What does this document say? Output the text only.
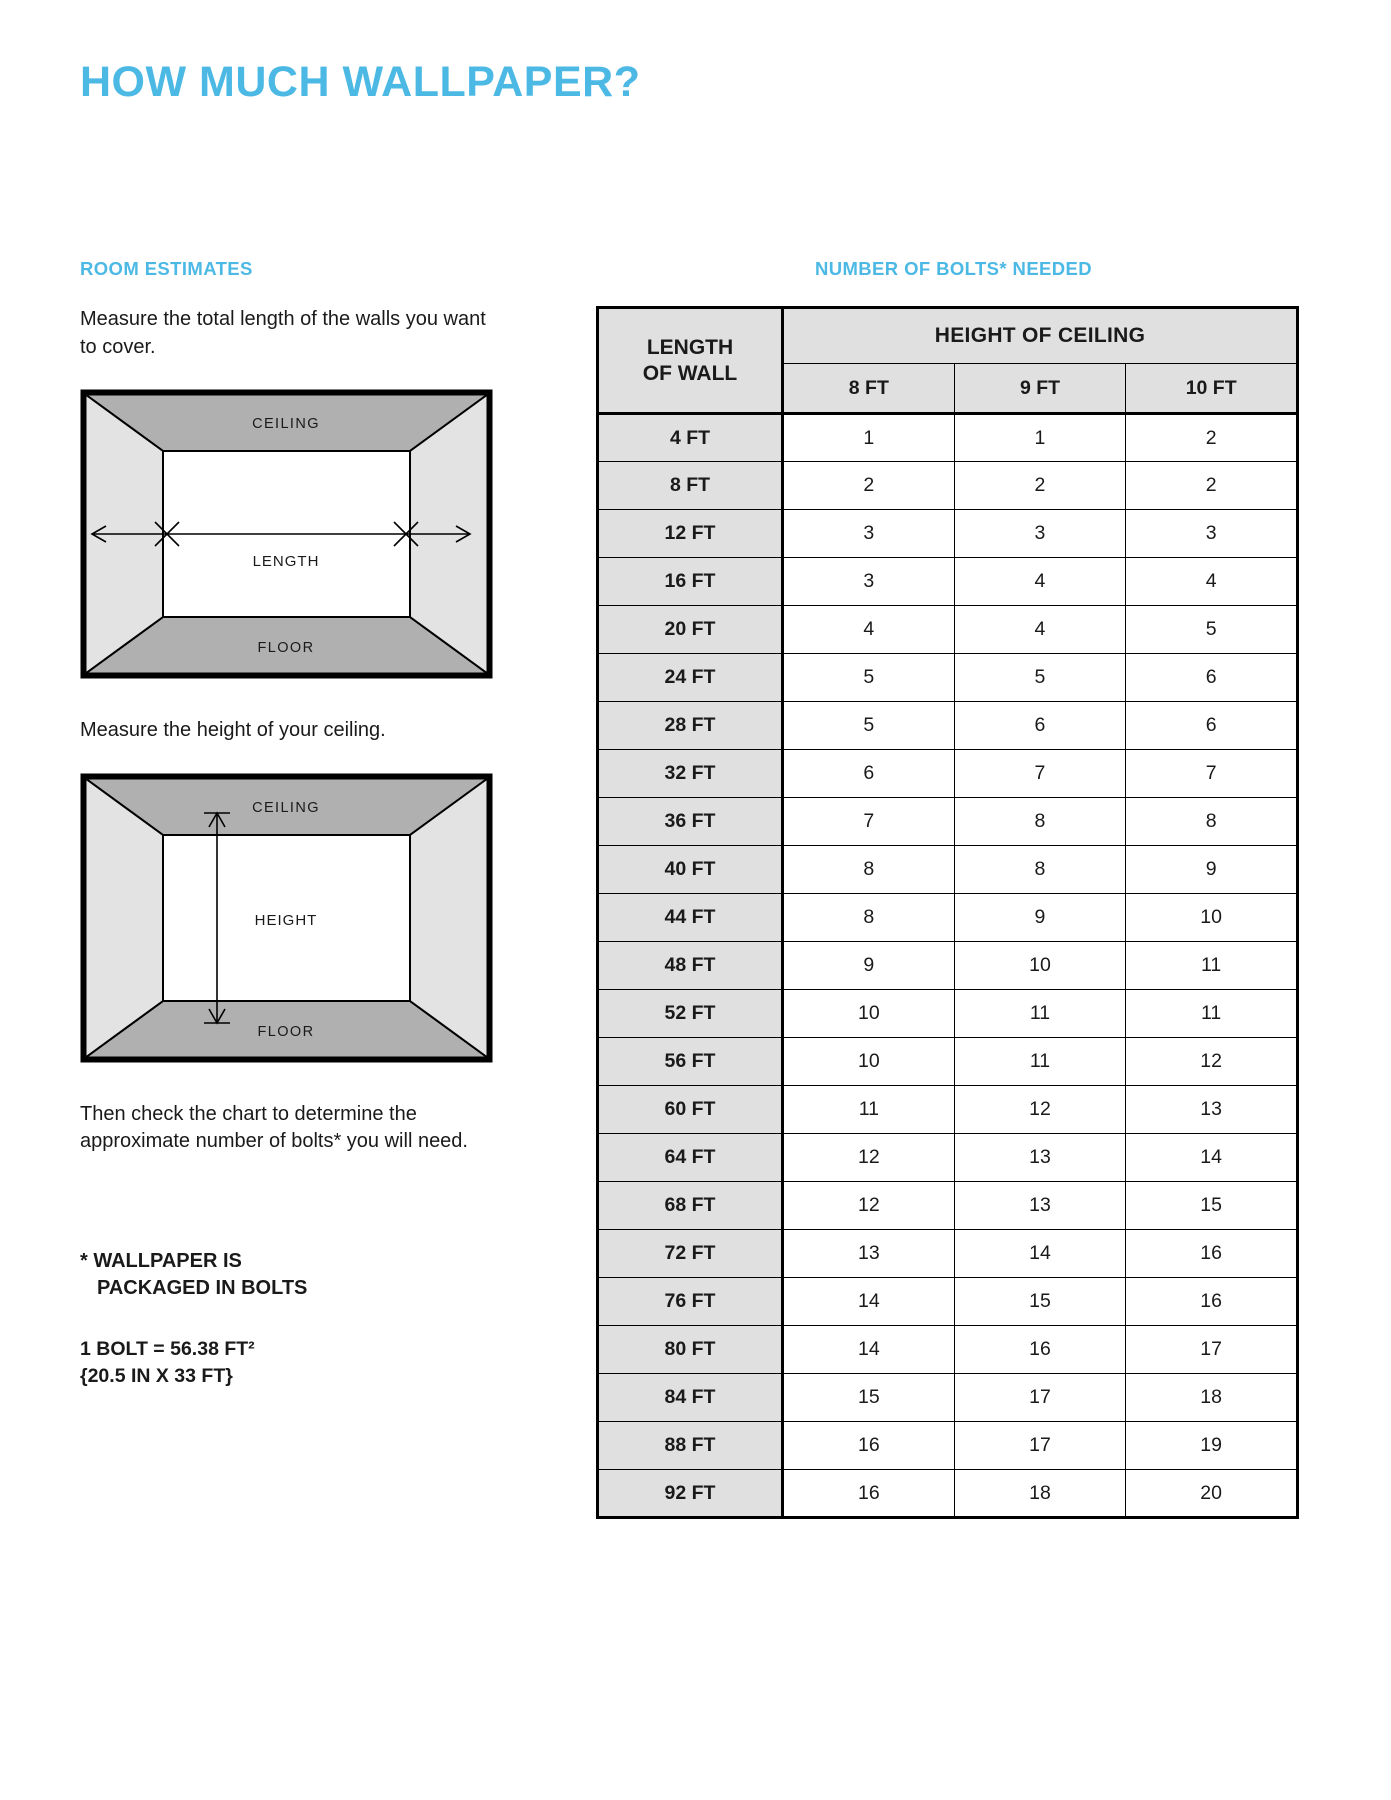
HOW MUCH WALLPAPER?
ROOM ESTIMATES

Measure the total length of the walls you want to cover.

LENGTH
CEILING
FLOOR

Measure the height of your ceiling.

HEIGHT
CEILING
FLOOR

Then check the chart to determine the approximate number of bolts* you will need.

* WALLPAPER IS
PACKAGED IN BOLTS
1 BOLT = 56.38 FT²
{20.5 IN X 33 FT}
NUMBER OF BOLTS* NEEDED
LENGTH
OF WALL	HEIGHT OF CEILING		
	8 FT	9 FT	10 FT
4 FT	1	1	2
8 FT	2	2	2
12 FT	3	3	3
16 FT	3	4	4
20 FT	4	4	5
24 FT	5	5	6
28 FT	5	6	6
32 FT	6	7	7
36 FT	7	8	8
40 FT	8	8	9
44 FT	8	9	10
48 FT	9	10	11
52 FT	10	11	11
56 FT	10	11	12
60 FT	11	12	13
64 FT	12	13	14
68 FT	12	13	15
72 FT	13	14	16
76 FT	14	15	16
80 FT	14	16	17
84 FT	15	17	18
88 FT	16	17	19
92 FT	16	18	20
